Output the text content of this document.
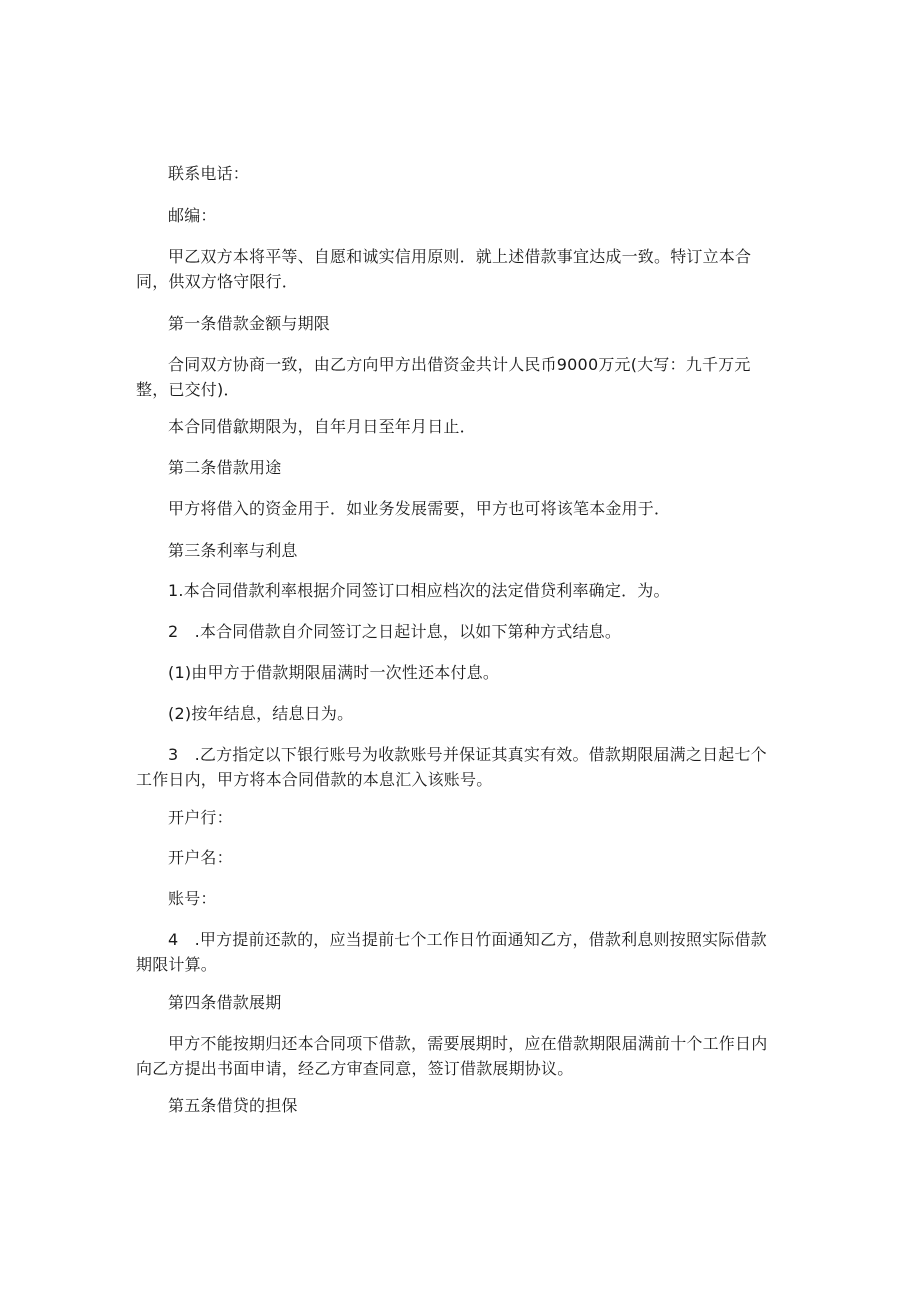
联系电话：

邮编：

甲乙双方本将平等、自愿和诚实信用原则．就上述借款事宜达成一致。特订立本合同，供双方恪守限行．

第一条借款金额与期限

合同双方协商一致，由乙方向甲方出借资金共计人民币9000万元(大写：九千万元整，已交付)．

本合同借歙期限为，自年月日至年月日止．

第二条借款用途

甲方将借入的资金用于．如业务发展需要，甲方也可将该笔本金用于．

第三条利率与利息

1.本合同借款利率根据介同签订口相应档次的法定借贷利率确定．为。

2　.本合同借款自介同签订之日起计息，以如下第种方式结息。

(1)由甲方于借款期限届满时一次性还本付息。

(2)按年结息，结息日为。

3　.乙方指定以下银行账号为收款账号并保证其真实有效。借款期限届满之日起七个工作日内，甲方将本合同借款的本息汇入该账号。

开户行：

开户名：

账号：

4　.甲方提前还款的，应当提前七个工作日竹面通知乙方，借款利息则按照实际借款期限计算。

第四条借款展期

甲方不能按期归还本合同项下借款，需要展期时，应在借款期限届满前十个工作日内向乙方提出书面申请，经乙方审查同意，签订借款展期协议。

第五条借贷的担保
